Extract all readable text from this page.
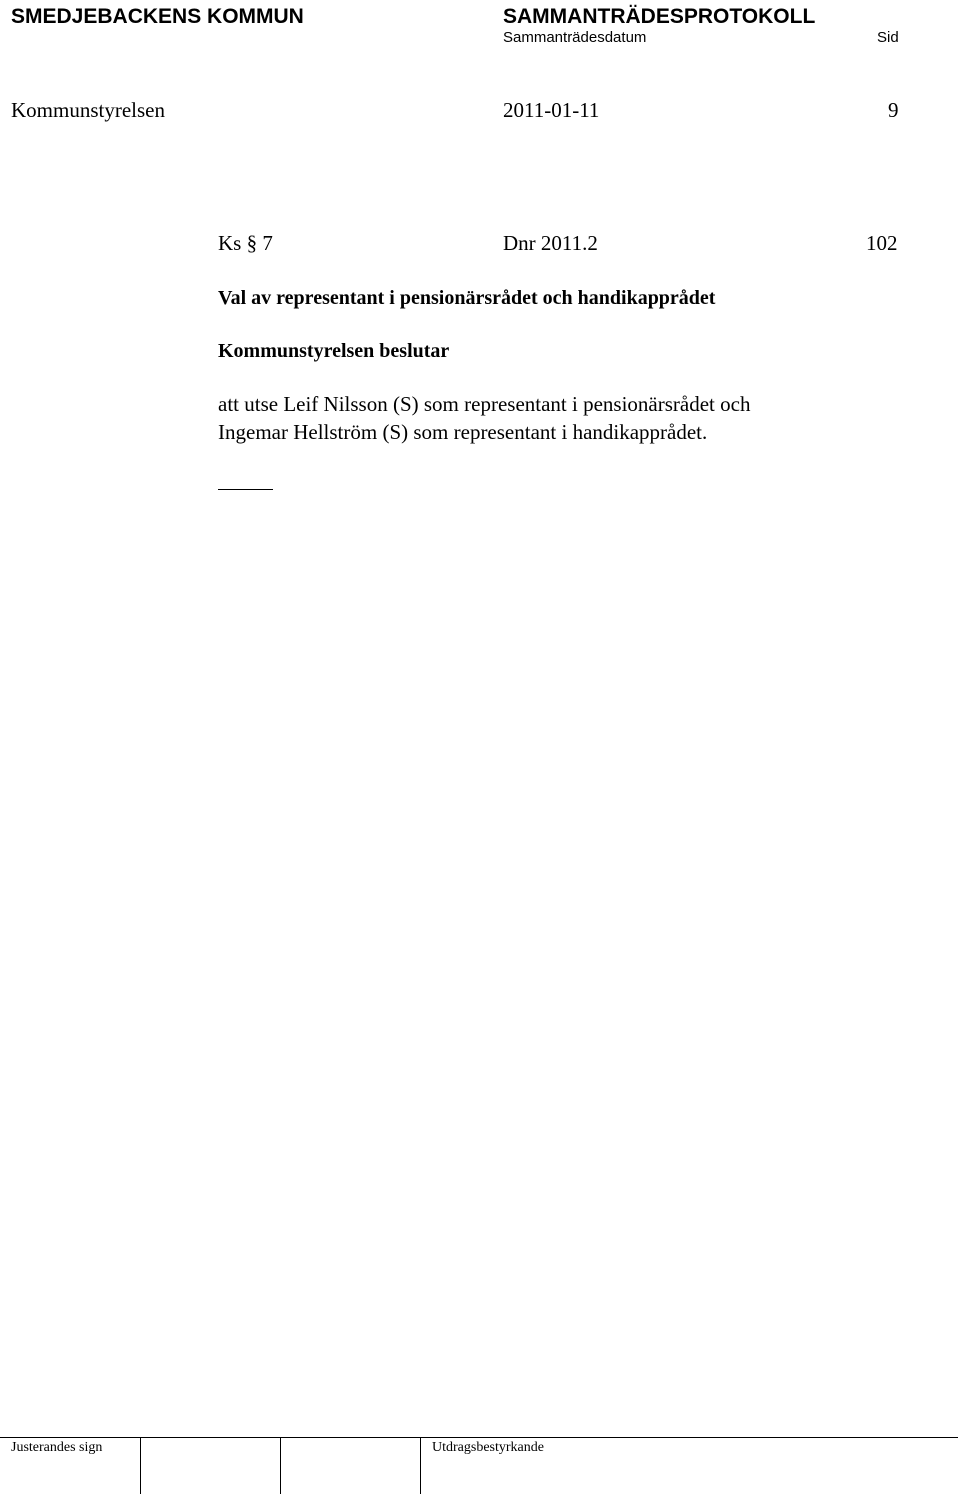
SMEDJEBACKENS KOMMUN	SAMMANTRÄDESPROTOKOLL
Sammanträdesdatum	Sid
Kommunstyrelsen	2011-01-11	9
Ks § 7	Dnr 2011.2	102
Val av representant i pensionärsrådet och handikapprådet
Kommunstyrelsen beslutar
att utse Leif Nilsson (S) som representant i pensionärsrådet och
Ingemar Hellström (S) som representant i handikapprådet.
Justerandes sign	Utdragsbestyrkande
